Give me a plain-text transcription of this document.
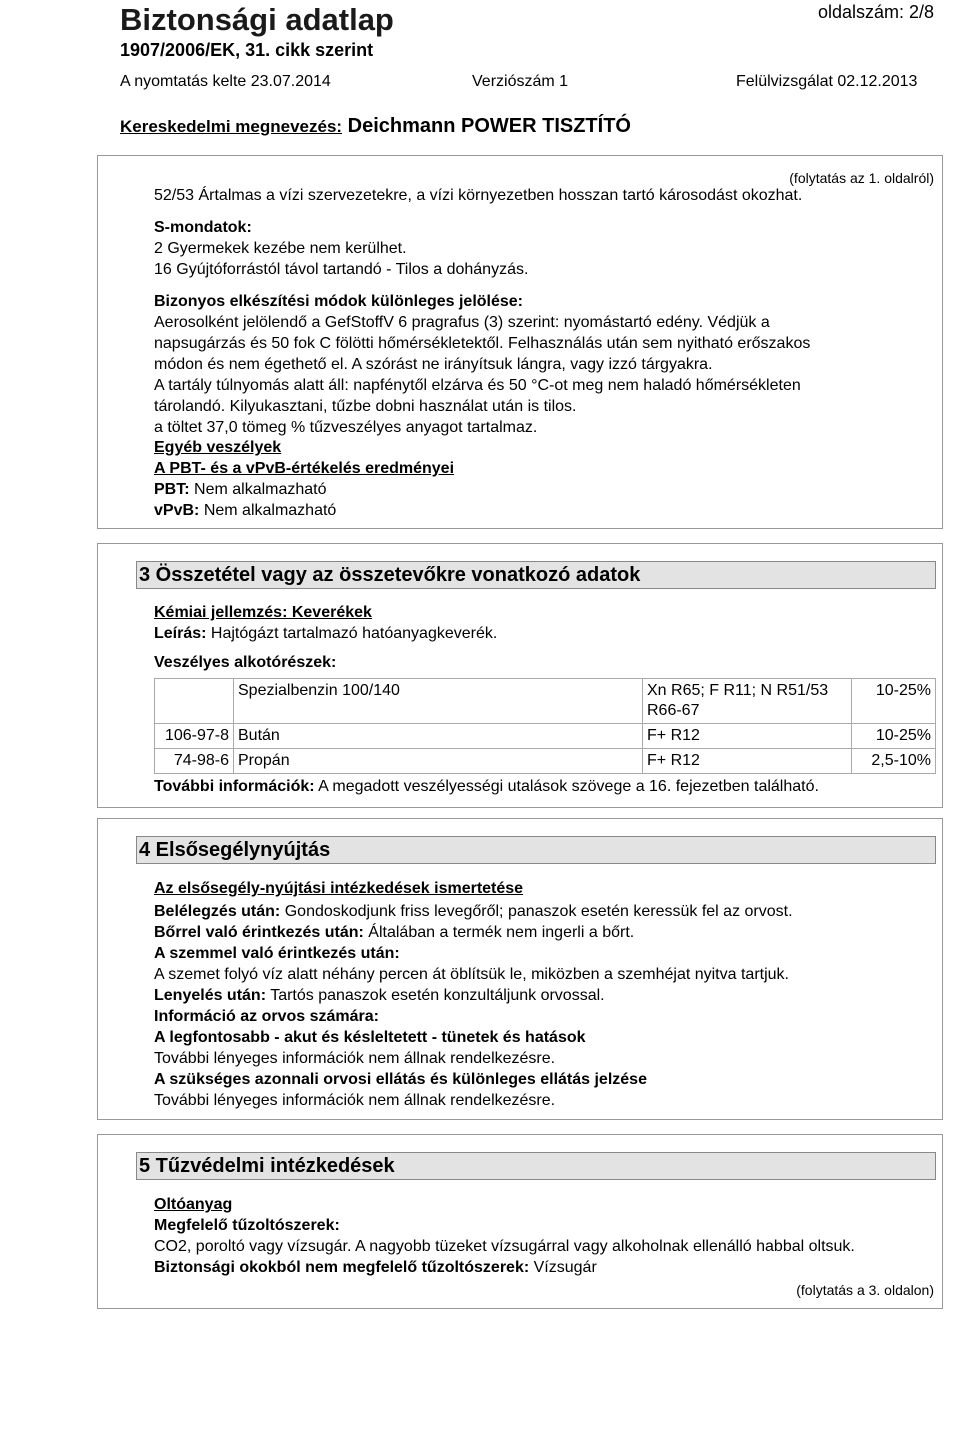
Biztonsági adatlap	oldalszám: 2/8
1907/2006/EK, 31. cikk szerint
A nyomtatás kelte 23.07.2014	Verziószám 1	Felülvizsgálat 02.12.2013
Kereskedelmi megnevezés: Deichmann POWER TISZTÍTÓ
(folytatás az 1. oldalról)
52/53 Ártalmas a vízi szervezetekre, a vízi környezetben hosszan tartó károsodást okozhat.
S-mondatok:
2 Gyermekek kezébe nem kerülhet.
16 Gyújtóforrástól távol tartandó - Tilos a dohányzás.
Bizonyos elkészítési módok különleges jelölése:
Aerosolként jelölendő a GefStoffV 6 pragrafus (3) szerint: nyomástartó edény. Védjük a
napsugárzás és 50 fok C fölötti hőmérsékletektől. Felhasználás után sem nyitható erőszakos
módon és nem égethető el. A szórást ne irányítsuk lángra, vagy izzó tárgyakra.
A tartály túlnyomás alatt áll: napfénytől elzárva és 50 °C-ot meg nem haladó hőmérsékleten
tárolandó. Kilyukasztani, tűzbe dobni használat után is tilos.
a töltet 37,0 tömeg % tűzveszélyes anyagot tartalmaz.
Egyéb veszélyek
A PBT- és a vPvB-értékelés eredményei
PBT: Nem alkalmazható
vPvB: Nem alkalmazható
3 Összetétel vagy az összetevőkre vonatkozó adatok
Kémiai jellemzés: Keverékek
Leírás: Hajtógázt tartalmazó hatóanyagkeverék.
Veszélyes alkotórészek:
	Spezialbenzin 100/140	Xn R65; F R11; N R51/53
R66-67	10-25%
106-97-8	Bután	F+ R12	10-25%
74-98-6	Propán	F+ R12	2,5-10%
További információk: A megadott veszélyességi utalások szövege a 16. fejezetben található.
4 Elsősegélynyújtás
Az elsősegély-nyújtási intézkedések ismertetése
Belélegzés után: Gondoskodjunk friss levegőről; panaszok esetén keressük fel az orvost.
Bőrrel való érintkezés után: Általában a termék nem ingerli a bőrt.
A szemmel való érintkezés után:
A szemet folyó víz alatt néhány percen át öblítsük le, miközben a szemhéjat nyitva tartjuk.
Lenyelés után: Tartós panaszok esetén konzultáljunk orvossal.
Információ az orvos számára:
A legfontosabb - akut és késleltetett - tünetek és hatások
További lényeges információk nem állnak rendelkezésre.
A szükséges azonnali orvosi ellátás és különleges ellátás jelzése
További lényeges információk nem állnak rendelkezésre.
5 Tűzvédelmi intézkedések
Oltóanyag
Megfelelő tűzoltószerek:
CO2, poroltó vagy vízsugár. A nagyobb tüzeket vízsugárral vagy alkoholnak ellenálló habbal oltsuk.
Biztonsági okokból nem megfelelő tűzoltószerek: Vízsugár
(folytatás a 3. oldalon)
